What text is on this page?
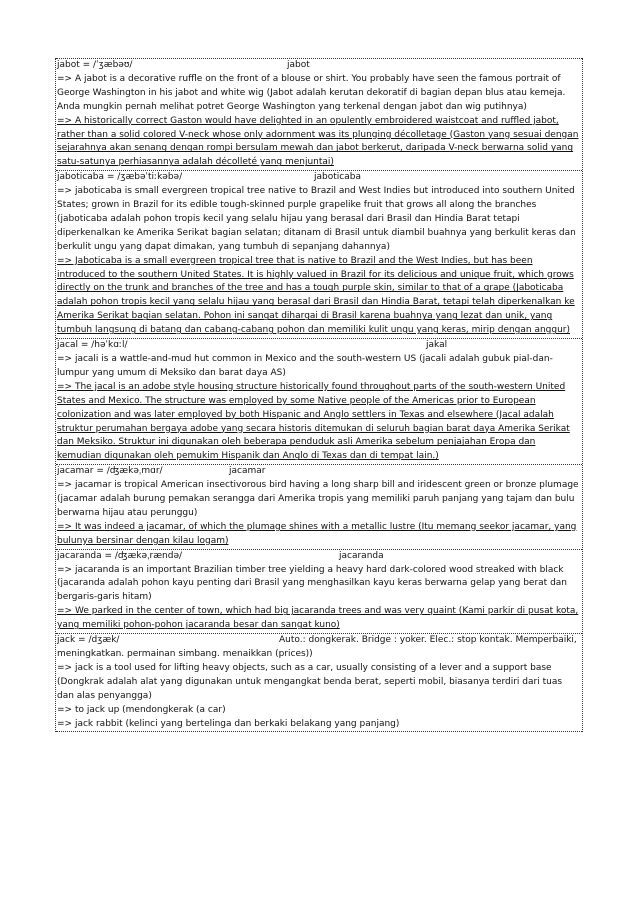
jabot = /ˈʒæbəʊ/	jabot
=> A jabot is a decorative ruffle on the front of a blouse or shirt. You probably have seen the famous portrait of George Washington in his jabot and white wig (Jabot adalah kerutan dekoratif di bagian depan blus atau kemeja. Anda mungkin pernah melihat potret George Washington yang terkenal dengan jabot dan wig putihnya)
=> A historically correct Gaston would have delighted in an opulently embroidered waistcoat and ruffled jabot, rather than a solid colored V-neck whose only adornment was its plunging décolletage (Gaston yang sesuai dengan sejarahnya akan senang dengan rompi bersulam mewah dan jabot berkerut, daripada V-neck berwarna solid yang satu-satunya perhiasannya adalah décolleté yang menjuntai)
jaboticaba = /ʒæbəˈtiːkəbə/	jaboticaba
=> jaboticaba is small evergreen tropical tree native to Brazil and West Indies but introduced into southern United States; grown in Brazil for its edible tough-skinned purple grapelike fruit that grows all along the branches (jaboticaba adalah pohon tropis kecil yang selalu hijau yang berasal dari Brasil dan Hindia Barat tetapi diperkenalkan ke Amerika Serikat bagian selatan; ditanam di Brasil untuk diambil buahnya yang berkulit keras dan berkulit ungu yang dapat dimakan, yang tumbuh di sepanjang dahannya)
=> Jaboticaba is a small evergreen tropical tree that is native to Brazil and the West Indies, but has been introduced to the southern United States. It is highly valued in Brazil for its delicious and unique fruit, which grows directly on the trunk and branches of the tree and has a tough purple skin, similar to that of a grape (Jaboticaba adalah pohon tropis kecil yang selalu hijau yang berasal dari Brasil dan Hindia Barat, tetapi telah diperkenalkan ke Amerika Serikat bagian selatan. Pohon ini sangat dihargai di Brasil karena buahnya yang lezat dan unik, yang tumbuh langsung di batang dan cabang-cabang pohon dan memiliki kulit ungu yang keras, mirip dengan anggur)
jacal = /həˈkɑːl/	jakal
=> jacali is a wattle-and-mud hut common in Mexico and the south-western US (jacali adalah gubuk pial-dan-lumpur yang umum di Meksiko dan barat daya AS)
=> The jacal is an adobe style housing structure historically found throughout parts of the south-western United States and Mexico. The structure was employed by some Native people of the Americas prior to European colonization and was later employed by both Hispanic and Anglo settlers in Texas and elsewhere (Jacal adalah struktur perumahan bergaya adobe yang secara historis ditemukan di seluruh bagian barat daya Amerika Serikat dan Meksiko. Struktur ini digunakan oleh beberapa penduduk asli Amerika sebelum penjajahan Eropa dan kemudian digunakan oleh pemukim Hispanik dan Anglo di Texas dan di tempat lain.)
jacamar = /ʤækəˌmɑr/	jacamar
=> jacamar is tropical American insectivorous bird having a long sharp bill and iridescent green or bronze plumage (jacamar adalah burung pemakan serangga dari Amerika tropis yang memiliki paruh panjang yang tajam dan bulu berwarna hijau atau perunggu)
=> It was indeed a jacamar, of which the plumage shines with a metallic lustre (Itu memang seekor jacamar, yang bulunya bersinar dengan kilau logam)
jacaranda = /ʤækəˌrændə/	jacaranda
=> jacaranda is an important Brazilian timber tree yielding a heavy hard dark-colored wood streaked with black (jacaranda adalah pohon kayu penting dari Brasil yang menghasilkan kayu keras berwarna gelap yang berat dan bergaris-garis hitam)
=> We parked in the center of town, which had big jacaranda trees and was very quaint (Kami parkir di pusat kota, yang memiliki pohon-pohon jacaranda besar dan sangat kuno)
jack = /dʒæk/	Auto.: dongkerak. Bridge : yoker. Elec.: stop kontak. Memperbaiki, meningkatkan. permainan simbang. menaikkan (prices))
=> jack is a tool used for lifting heavy objects, such as a car, usually consisting of a lever and a support base (Dongkrak adalah alat yang digunakan untuk mengangkat benda berat, seperti mobil, biasanya terdiri dari tuas dan alas penyangga)
=> to jack up (mendongkerak (a car)
=> jack rabbit (kelinci yang bertelinga dan berkaki belakang yang panjang)
